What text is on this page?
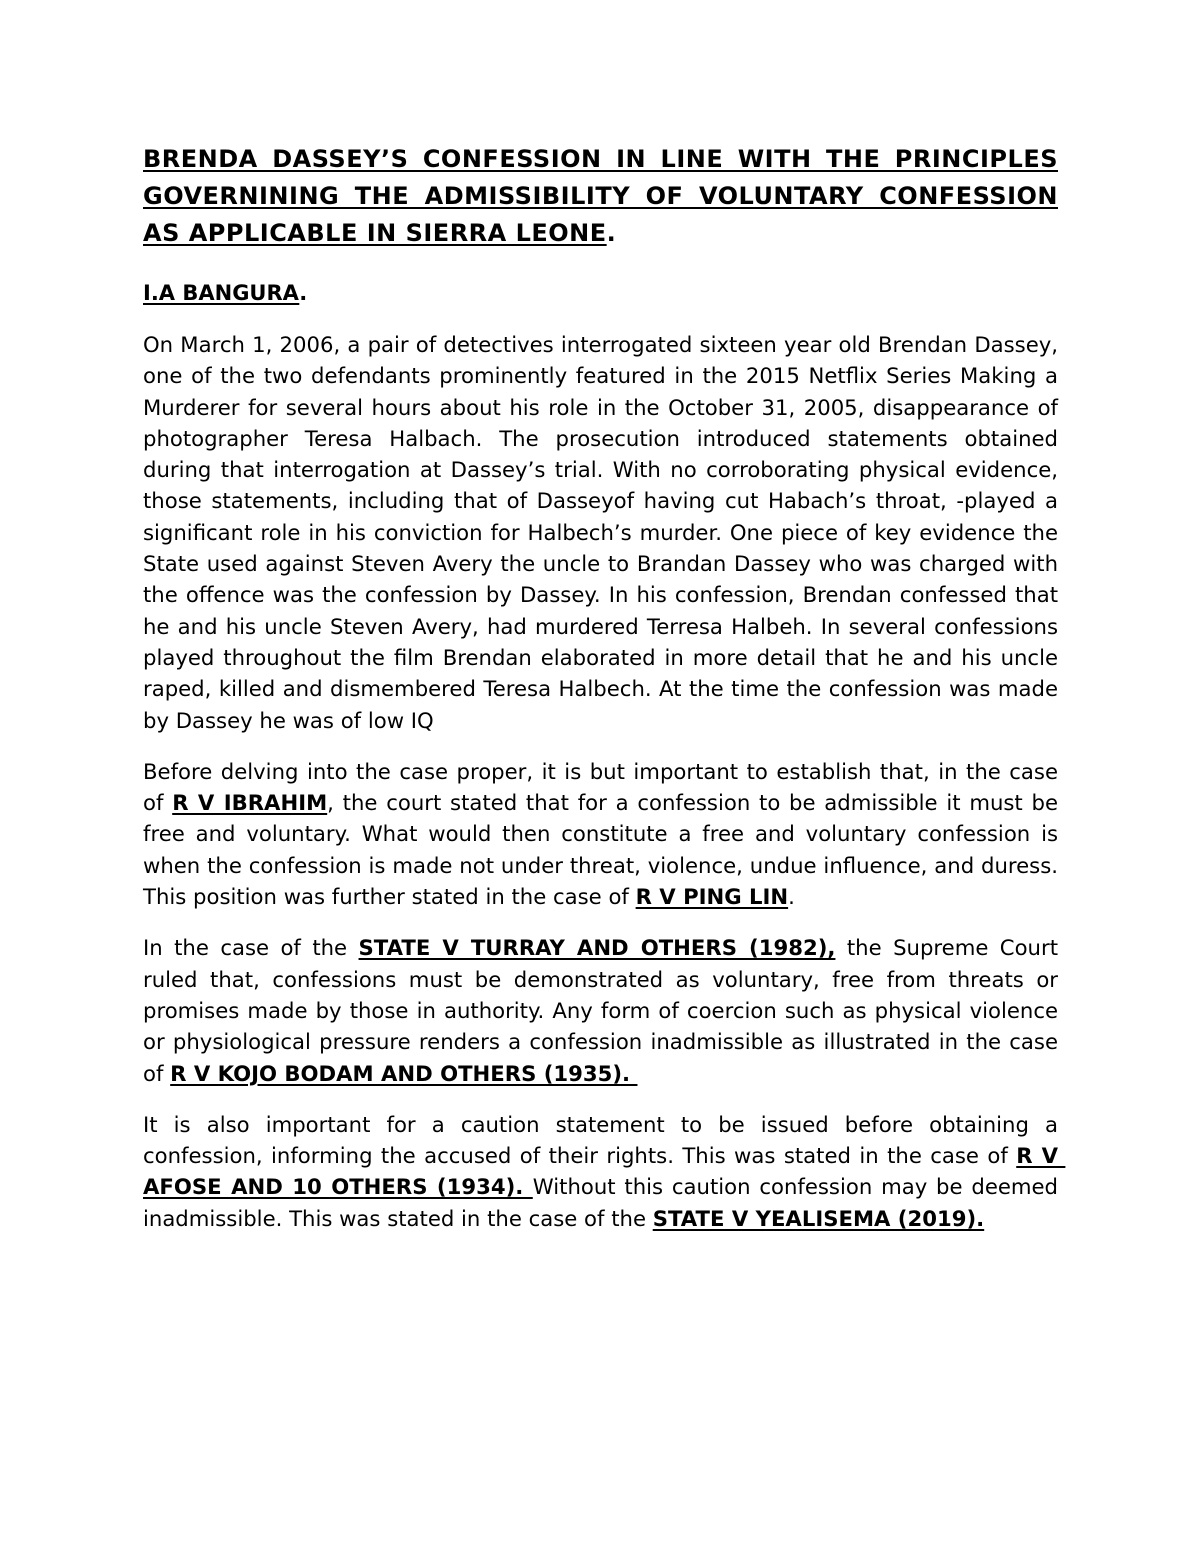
BRENDA DASSEY’S CONFESSION IN LINE WITH THE PRINCIPLES GOVERNINING THE ADMISSIBILITY OF VOLUNTARY CONFESSION AS APPLICABLE IN SIERRA LEONE.
I.A BANGURA.

On March 1, 2006, a pair of detectives interrogated sixteen year old Brendan Dassey, one of the two defendants prominently featured in the 2015 Netflix Series Making a Murderer for several hours about his role in the October 31, 2005, disappearance of photographer Teresa Halbach. The prosecution introduced statements obtained during that interrogation at Dassey’s trial. With no corroborating physical evidence, those statements, including that of Dasseyof having cut Habach’s throat, -played a significant role in his conviction for Halbech’s murder. One piece of key evidence the State used against Steven Avery the uncle to Brandan Dassey who was charged with the offence was the confession by Dassey. In his confession, Brendan confessed that he and his uncle Steven Avery, had murdered Terresa Halbeh. In several confessions played throughout the film Brendan elaborated in more detail that he and his uncle raped, killed and dismembered Teresa Halbech. At the time the confession was made by Dassey he was of low IQ

Before delving into the case proper, it is but important to establish that, in the case of R V IBRAHIM, the court stated that for a confession to be admissible it must be free and voluntary. What would then constitute a free and voluntary confession is when the confession is made not under threat, violence, undue influence, and duress. This position was further stated in the case of R V PING LIN.

In the case of the STATE V TURRAY AND OTHERS (1982), the Supreme Court ruled that, confessions must be demonstrated as voluntary, free from threats or promises made by those in authority. Any form of coercion such as physical violence or physiological pressure renders a confession inadmissible as illustrated in the case of R V KOJO BODAM AND OTHERS (1935).

It is also important for a caution statement to be issued before obtaining a confession, informing the accused of their rights. This was stated in the case of R V AFOSE AND 10 OTHERS (1934). Without this caution confession may be deemed inadmissible. This was stated in the case of the STATE V YEALISEMA (2019).
